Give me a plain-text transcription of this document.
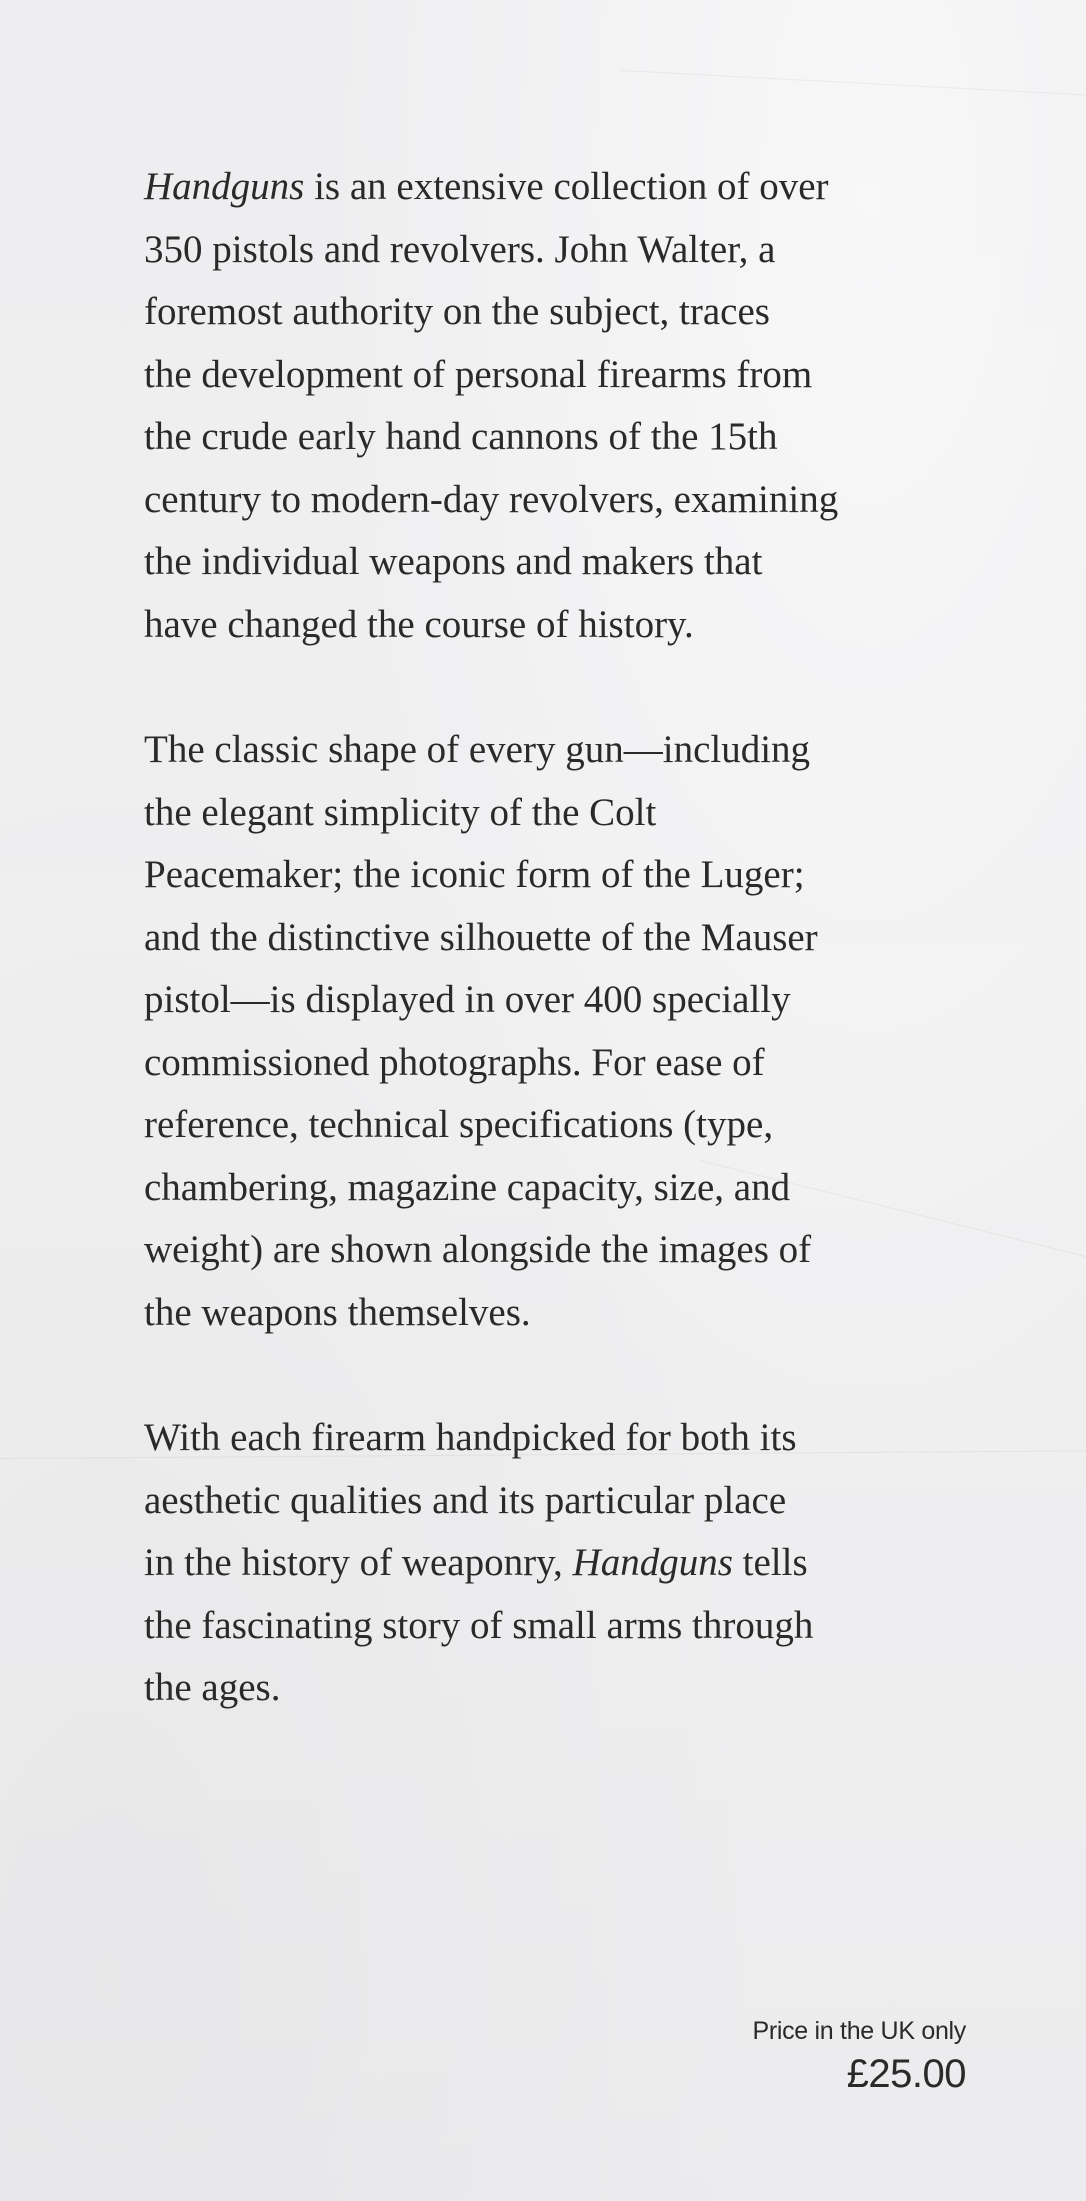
Handguns is an extensive collection of over
350 pistols and revolvers. John Walter, a
foremost authority on the subject, traces
the development of personal firearms from
the crude early hand cannons of the 15th
century to modern-day revolvers, examining
the individual weapons and makers that
have changed the course of history.

The classic shape of every gun—including
the elegant simplicity of the Colt
Peacemaker; the iconic form of the Luger;
and the distinctive silhouette of the Mauser
pistol—is displayed in over 400 specially
commissioned photographs. For ease of
reference, technical specifications (type,
chambering, magazine capacity, size, and
weight) are shown alongside the images of
the weapons themselves.

With each firearm handpicked for both its
aesthetic qualities and its particular place
in the history of weaponry, Handguns tells
the fascinating story of small arms through
the ages.

Price in the UK only
£25.00
